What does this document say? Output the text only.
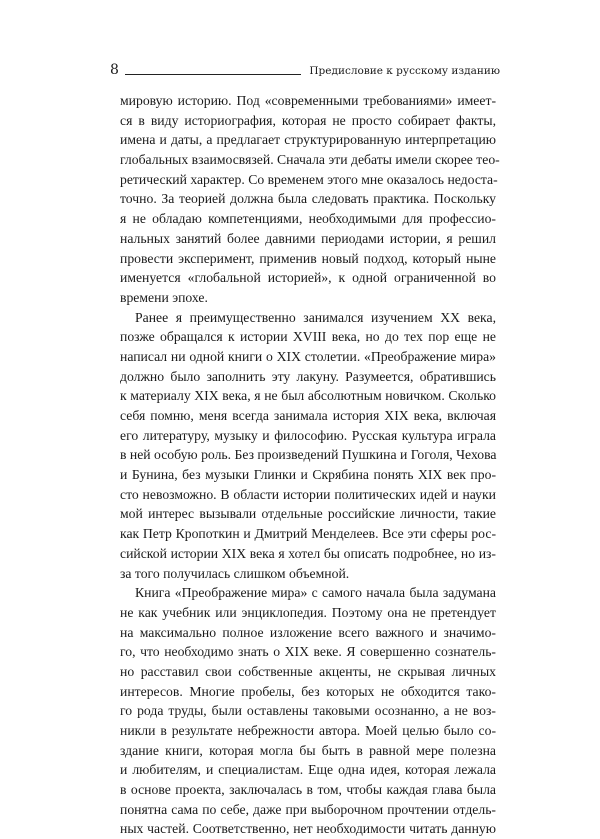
8	Предисловие к русскому изданию
мировую историю. Под «современными требованиями» имеет-
ся в виду историография, которая не просто собирает факты,
имена и даты, а предлагает структурированную интерпретацию
глобальных взаимосвязей. Сначала эти дебаты имели скорее тео-
ретический характер. Со временем этого мне оказалось недоста-
точно. За теорией должна была следовать практика. Поскольку
я не обладаю компетенциями, необходимыми для профессио-
нальных занятий более давними периодами истории, я решил
провести эксперимент, применив новый подход, который ныне
именуется «глобальной историей», к одной ограниченной во
времени эпохе.
Ранее я преимущественно занимался изучением XX века,
позже обращался к истории XVIII века, но до тех пор еще не
написал ни одной книги о XIX столетии. «Преображение мира»
должно было заполнить эту лакуну. Разумеется, обратившись
к материалу XIX века, я не был абсолютным новичком. Сколько
себя помню, меня всегда занимала история XIX века, включая
его литературу, музыку и философию. Русская культура играла
в ней особую роль. Без произведений Пушкина и Гоголя, Чехова
и Бунина, без музыки Глинки и Скрябина понять XIX век про-
сто невозможно. В области истории политических идей и науки
мой интерес вызывали отдельные российские личности, такие
как Петр Кропоткин и Дмитрий Менделеев. Все эти сферы рос-
сийской истории XIX века я хотел бы описать подробнее, но из-
за того получилась слишком объемной.
Книга «Преображение мира» с самого начала была задумана
не как учебник или энциклопедия. Поэтому она не претендует
на максимально полное изложение всего важного и значимо-
го, что необходимо знать о XIX веке. Я совершенно сознатель-
но расставил свои собственные акценты, не скрывая личных
интересов. Многие пробелы, без которых не обходится тако-
го рода труды, были оставлены таковыми осознанно, а не воз-
никли в результате небрежности автора. Моей целью было со-
здание книги, которая могла бы быть в равной мере полезна
и любителям, и специалистам. Еще одна идея, которая лежала
в основе проекта, заключалась в том, чтобы каждая глава была
понятна сама по себе, даже при выборочном прочтении отдель-
ных частей. Соответственно, нет необходимости читать данную
